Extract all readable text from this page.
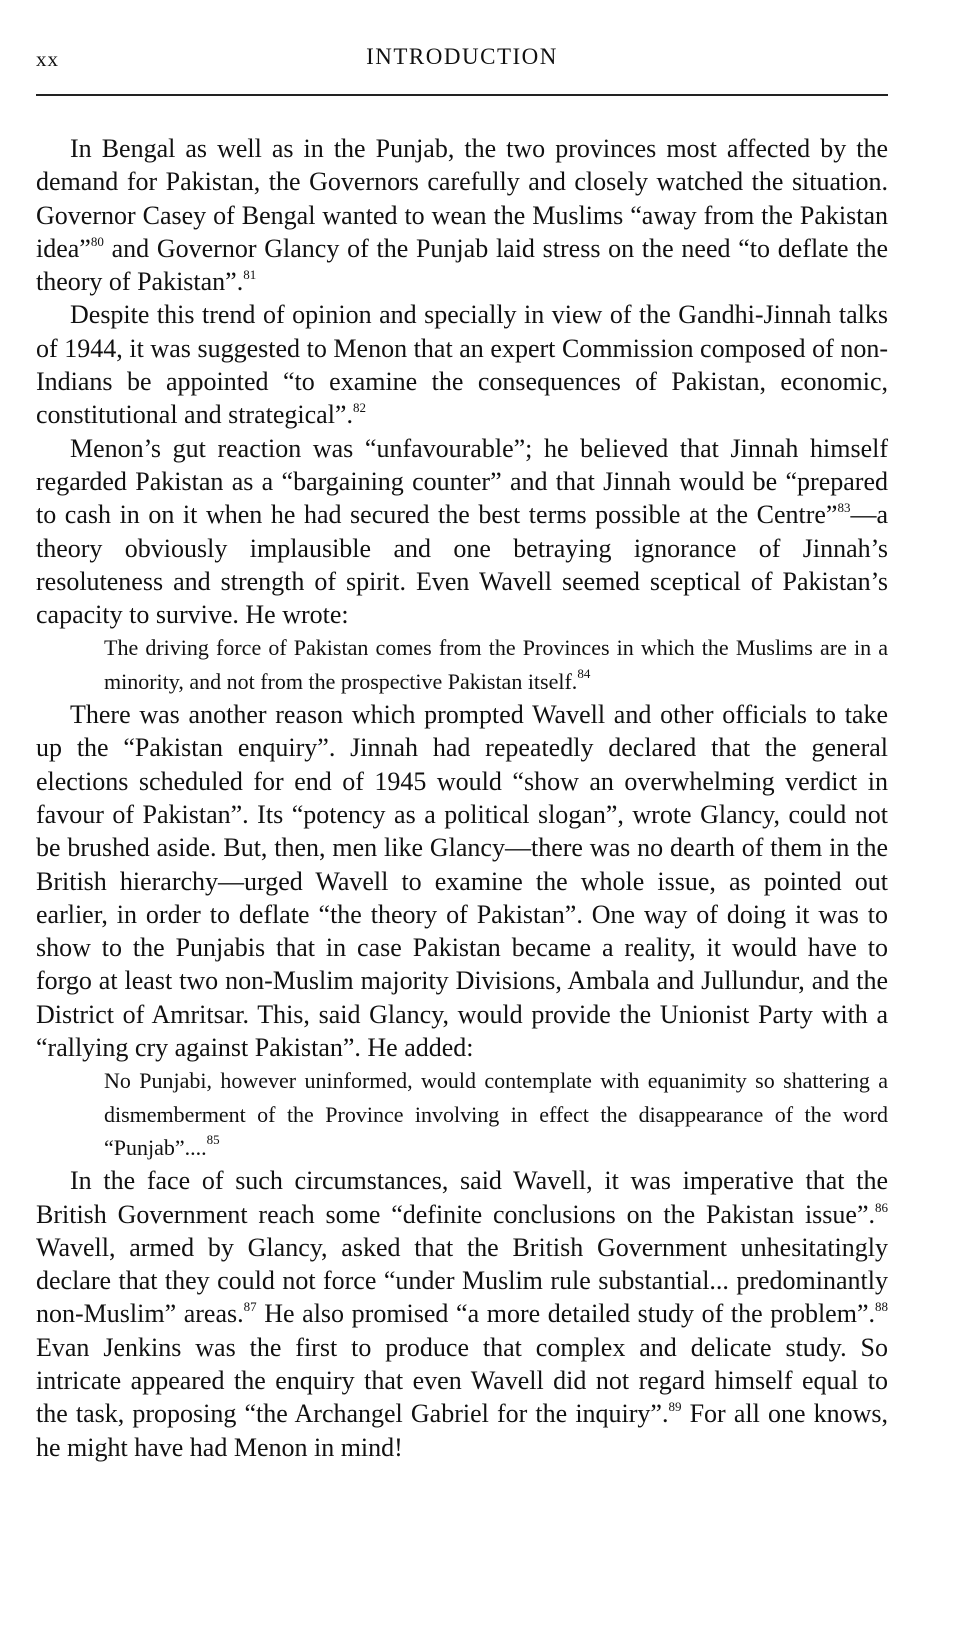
xx	INTRODUCTION

In Bengal as well as in the Punjab, the two provinces most affected by the demand for Pakistan, the Governors carefully and closely watched the situation. Governor Casey of Bengal wanted to wean the Muslims “away from the Pakistan idea”$^{80}$ and Governor Glancy of the Punjab laid stress on the need “to deflate the theory of Pakistan”.$^{81}$

Despite this trend of opinion and specially in view of the Gandhi-Jinnah talks of 1944, it was suggested to Menon that an expert Commission composed of non-Indians be appointed “to examine the consequences of Pakistan, economic, constitutional and strategical”.$^{82}$

Menon’s gut reaction was “unfavourable”; he believed that Jinnah himself regarded Pakistan as a “bargaining counter” and that Jinnah would be “prepared to cash in on it when he had secured the best terms possible at the Centre”$^{83}$—a theory obviously implausible and one betraying ignorance of Jinnah’s resoluteness and strength of spirit. Even Wavell seemed sceptical of Pakistan’s capacity to survive. He wrote:

The driving force of Pakistan comes from the Provinces in which the Muslims are in a minority, and not from the prospective Pakistan itself.$^{84}$

There was another reason which prompted Wavell and other officials to take up the “Pakistan enquiry”. Jinnah had repeatedly declared that the general elections scheduled for end of 1945 would “show an overwhelming verdict in favour of Pakistan”. Its “potency as a political slogan”, wrote Glancy, could not be brushed aside. But, then, men like Glancy—there was no dearth of them in the British hierarchy—urged Wavell to examine the whole issue, as pointed out earlier, in order to deflate “the theory of Pakistan”. One way of doing it was to show to the Punjabis that in case Pakistan became a reality, it would have to forgo at least two non-Muslim majority Divisions, Ambala and Jullundur, and the District of Amritsar. This, said Glancy, would provide the Unionist Party with a “rallying cry against Pakistan”. He added:

No Punjabi, however uninformed, would contemplate with equanimity so shattering a dismemberment of the Province involving in effect the disappearance of the word “Punjab”....$^{85}$

In the face of such circumstances, said Wavell, it was imperative that the British Government reach some “definite conclusions on the Pakistan issue”.$^{86}$ Wavell, armed by Glancy, asked that the British Government unhesitatingly declare that they could not force “under Muslim rule substantial... predominantly non-Muslim” areas.$^{87}$ He also promised “a more detailed study of the problem”.$^{88}$ Evan Jenkins was the first to produce that complex and delicate study. So intricate appeared the enquiry that even Wavell did not regard himself equal to the task, proposing “the Archangel Gabriel for the inquiry”.$^{89}$ For all one knows, he might have had Menon in mind!
